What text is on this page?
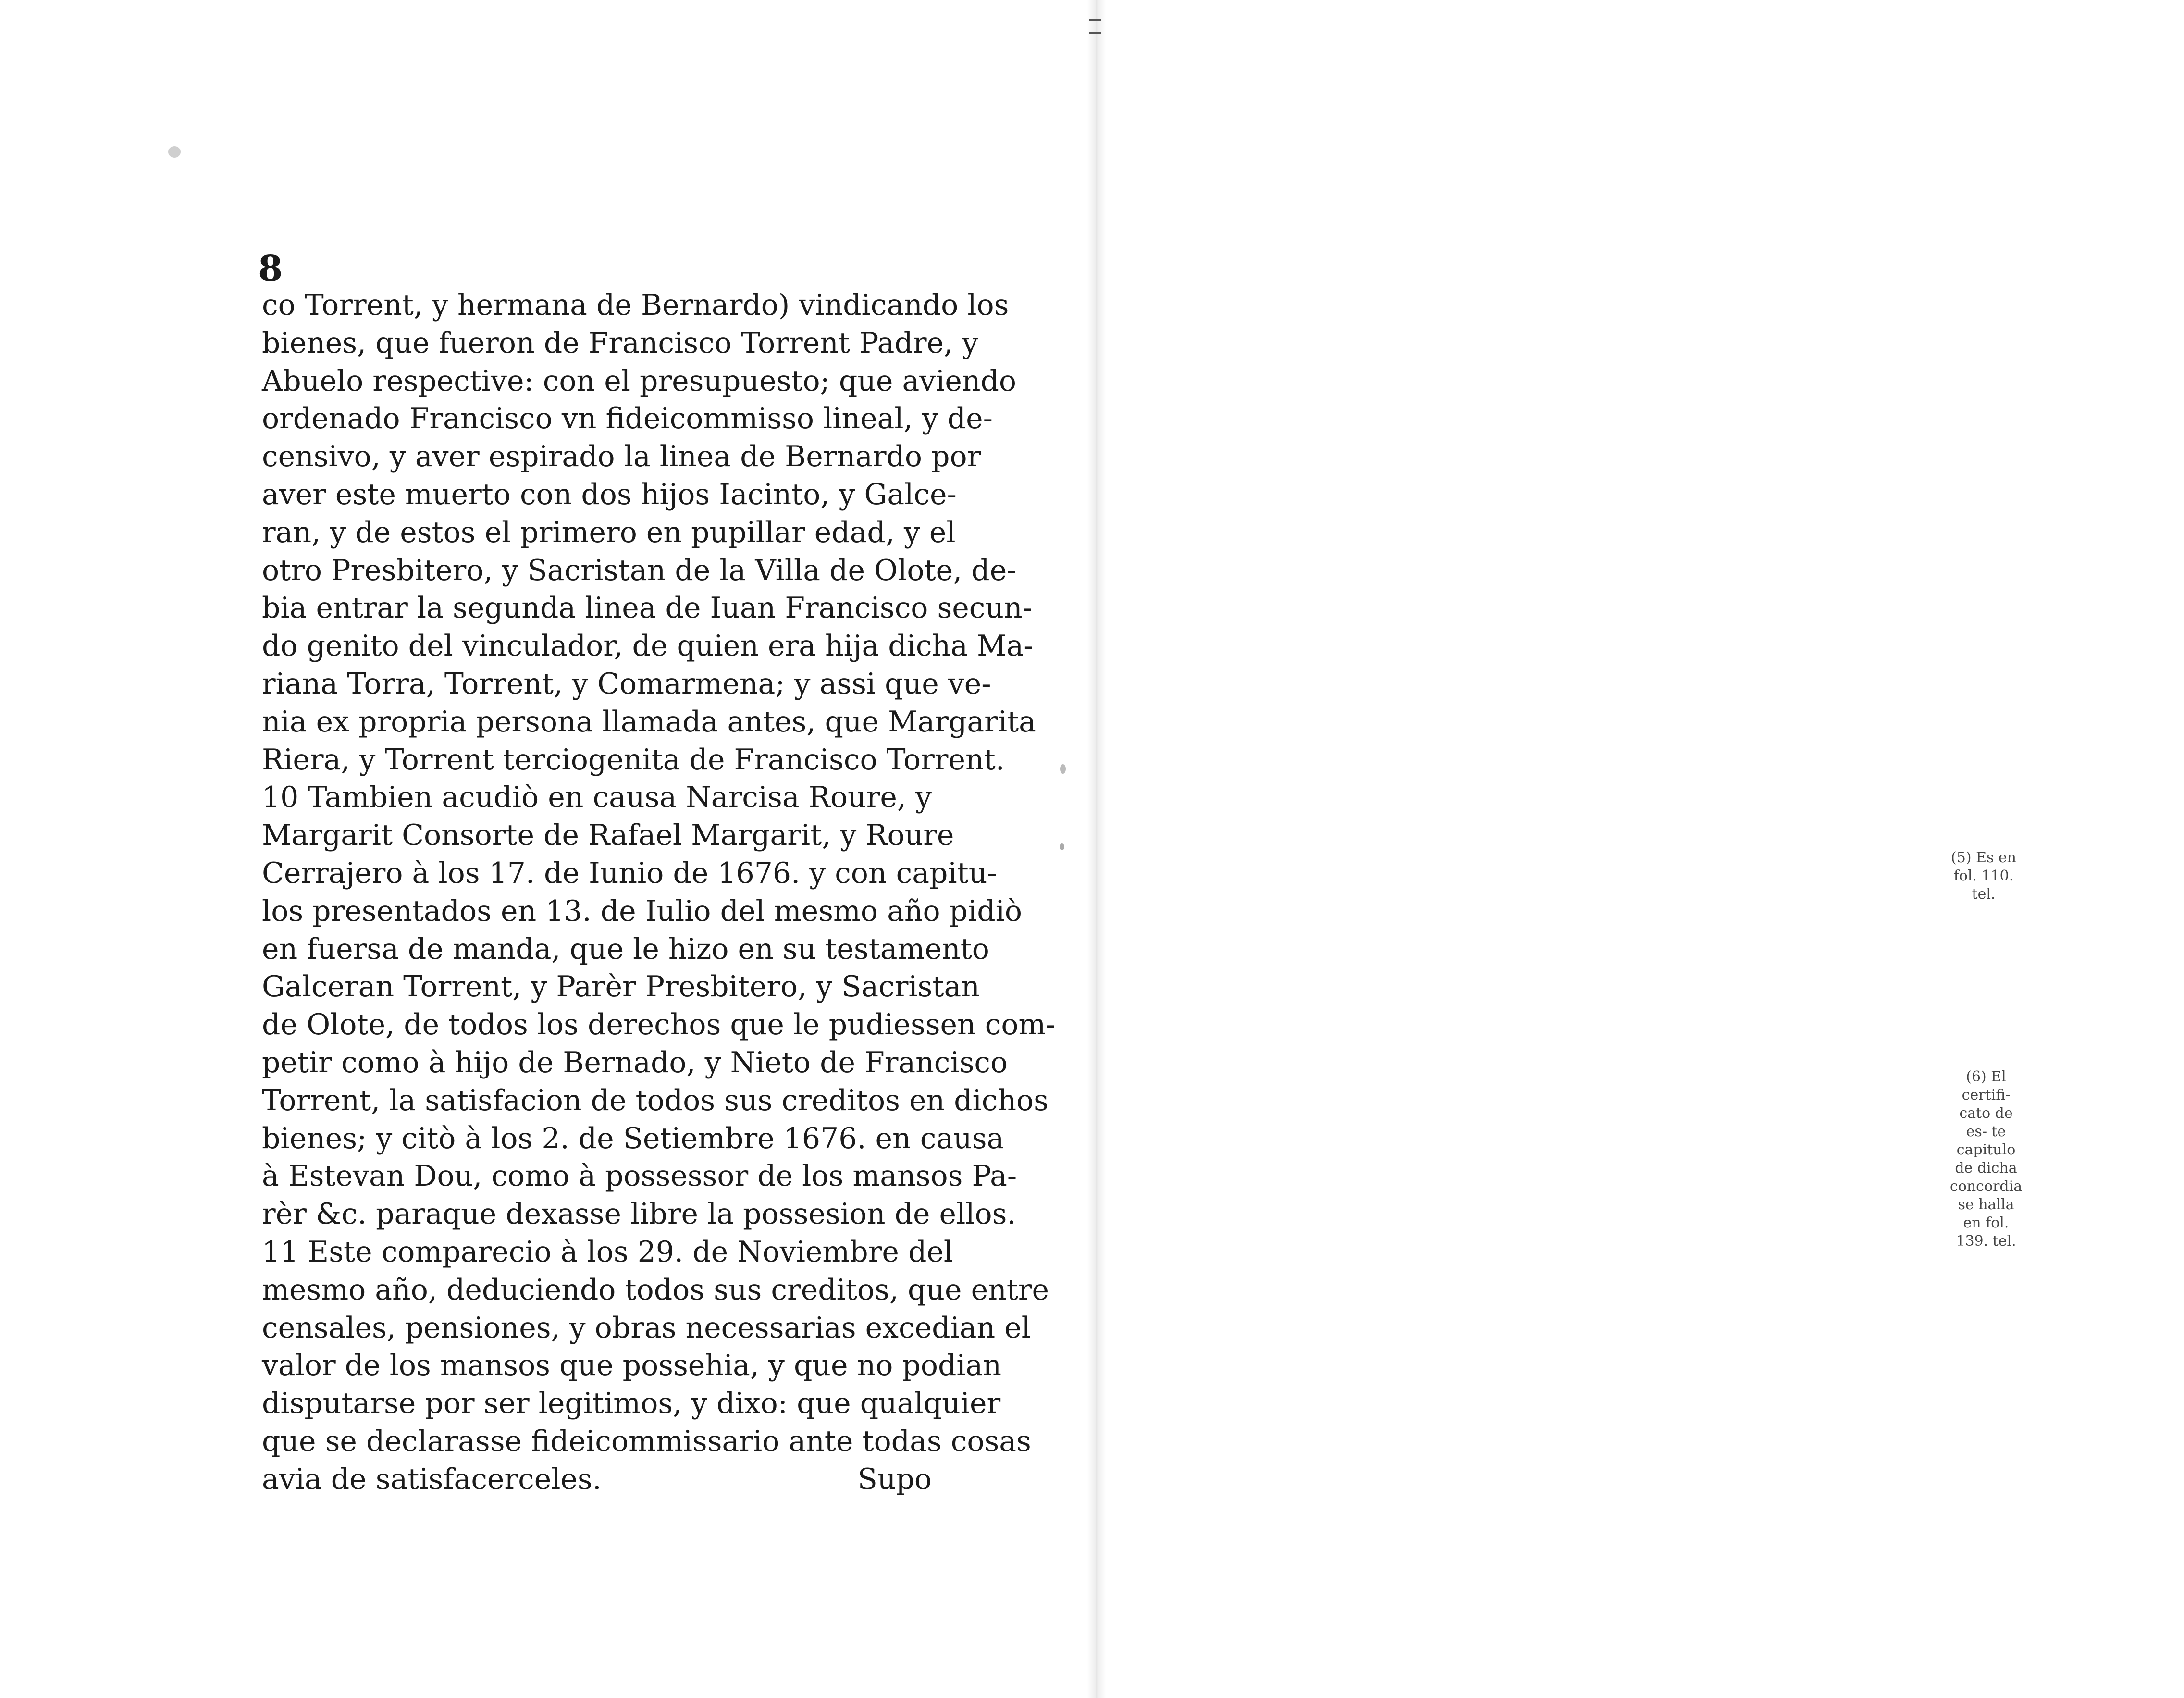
8
co Torrent, y hermana de Bernardo) vindicando los
bienes, que fueron de Francisco Torrent Padre, y
Abuelo respective: con el presupuesto; que aviendo
ordenado Francisco vn fideicommisso lineal, y de-
censivo, y aver espirado la linea de Bernardo por
aver este muerto con dos hijos Iacinto, y Galce-
ran, y de estos el primero en pupillar edad, y el
otro Presbitero, y Sacristan de la Villa de Olote, de-
bia entrar la segunda linea de Iuan Francisco secun-
do genito del vinculador, de quien era hija dicha Ma-
riana Torra, Torrent, y Comarmena; y assi que ve-
nia ex propria persona llamada antes, que Margarita
Riera, y Torrent terciogenita de Francisco Torrent.
10 Tambien acudiò en causa Narcisa Roure, y
Margarit Consorte de Rafael Margarit, y Roure
Cerrajero à los 17. de Iunio de 1676. y con capitu-
los presentados en 13. de Iulio del mesmo año pidiò
en fuersa de manda, que le hizo en su testamento
Galceran Torrent, y Parèr Presbitero, y Sacristan
de Olote, de todos los derechos que le pudiessen com-
petir como à hijo de Bernado, y Nieto de Francisco
Torrent, la satisfacion de todos sus creditos en dichos
bienes; y citò à los 2. de Setiembre 1676. en causa
à Estevan Dou, como à possessor de los mansos Pa-
rèr &c. paraque dexasse libre la possesion de ellos.
11 Este comparecio à los 29. de Noviembre del
mesmo año, deduciendo todos sus creditos, que entre
censales, pensiones, y obras necessarias excedian el
valor de los mansos que possehia, y que no podian
disputarse por ser legitimos, y dixo: que qualquier
que se declarasse fideicommissario ante todas cosas
avia de satisfacerceles.	Supo
(5) Es en fol. 110. tel.
(6) El certifi- cato de es- te capitulo de dicha concordia se halla en fol. 139. tel.
